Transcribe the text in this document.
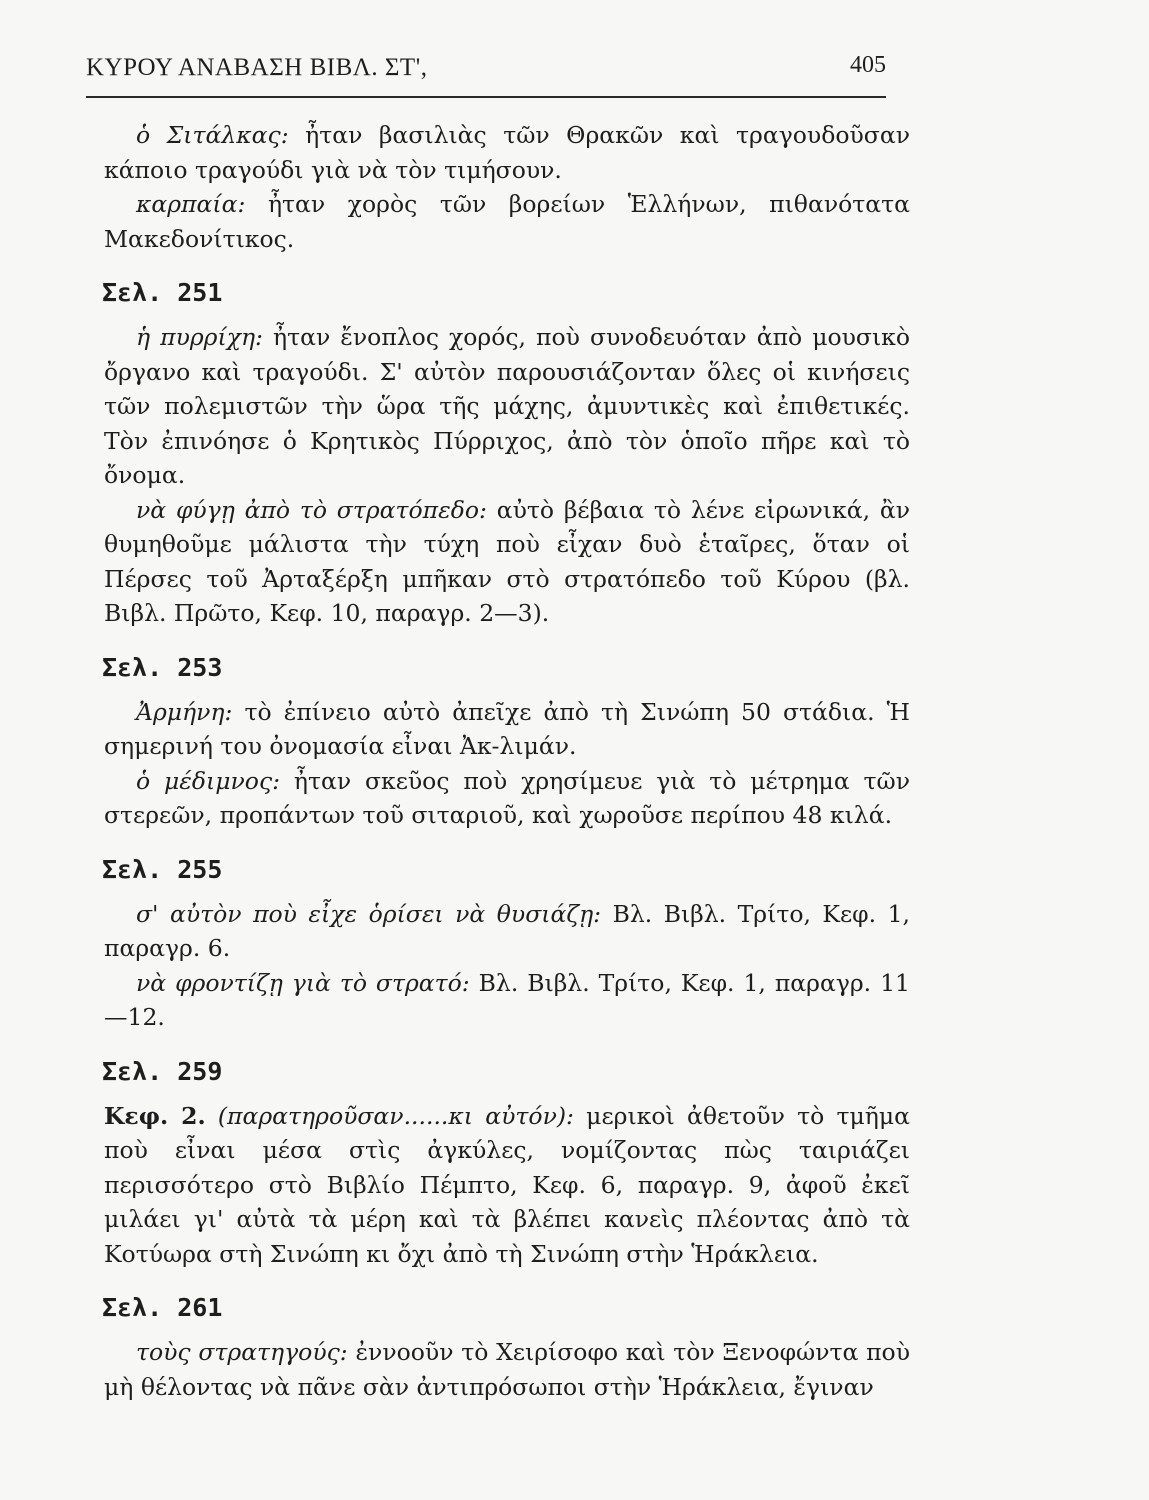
ΚΥΡΟΥ ΑΝΑΒΑΣΗ ΒΙΒΛ. ΣΤ',	405

ὁ Σιτάλκας: ἦταν βασιλιὰς τῶν Θρακῶν καὶ τραγουδοῦσαν κάποιο τραγούδι γιὰ νὰ τὸν τιμήσουν.

καρπαία: ἦταν χορὸς τῶν βορείων Ἑλλήνων, πιθανότατα Μακεδονίτικος.

Σελ. 251

ἡ πυρρίχη: ἦταν ἔνοπλος χορός, ποὺ συνοδευόταν ἀπὸ μουσικὸ ὄργανο καὶ τραγούδι. Σ' αὐτὸν παρουσιάζονταν ὅλες οἱ κινήσεις τῶν πολεμιστῶν τὴν ὥρα τῆς μάχης, ἀμυντικὲς καὶ ἐπιθετικές. Τὸν ἐπινόησε ὁ Κρητικὸς Πύρριχος, ἀπὸ τὸν ὁποῖο πῆρε καὶ τὸ ὄνομα.

νὰ φύγῃ ἀπὸ τὸ στρατόπεδο: αὐτὸ βέβαια τὸ λένε εἰρωνικά, ἂν θυμηθοῦμε μάλιστα τὴν τύχη ποὺ εἶχαν δυὸ ἑταῖρες, ὅταν οἱ Πέρσες τοῦ Ἀρταξέρξη μπῆκαν στὸ στρατόπεδο τοῦ Κύρου (βλ. Βιβλ. Πρῶτο, Κεφ. 10, παραγρ. 2—3).

Σελ. 253

Ἀρμήνη: τὸ ἐπίνειο αὐτὸ ἀπεῖχε ἀπὸ τὴ Σινώπη 50 στάδια. Ἡ σημερινή του ὀνομασία εἶναι Ἀκ-λιμάν.

ὁ μέδιμνος: ἦταν σκεῦος ποὺ χρησίμευε γιὰ τὸ μέτρημα τῶν στερεῶν, προπάντων τοῦ σιταριοῦ, καὶ χωροῦσε περίπου 48 κιλά.

Σελ. 255

σ' αὐτὸν ποὺ εἶχε ὁρίσει νὰ θυσιάζῃ: Βλ. Βιβλ. Τρίτο, Κεφ. 1, παραγρ. 6.

νὰ φροντίζῃ γιὰ τὸ στρατό: Βλ. Βιβλ. Τρίτο, Κεφ. 1, παραγρ. 11—12.

Σελ. 259

Κεφ. 2. (παρατηροῦσαν......κι αὐτόν): μερικοὶ ἀθετοῦν τὸ τμῆμα ποὺ εἶναι μέσα στὶς ἀγκύλες, νομίζοντας πὼς ταιριάζει περισσότερο στὸ Βιβλίο Πέμπτο, Κεφ. 6, παραγρ. 9, ἀφοῦ ἐκεῖ μιλάει γι' αὐτὰ τὰ μέρη καὶ τὰ βλέπει κανεὶς πλέοντας ἀπὸ τὰ Κοτύωρα στὴ Σινώπη κι ὄχι ἀπὸ τὴ Σινώπη στὴν Ἡράκλεια.

Σελ. 261

τοὺς στρατηγούς: ἐννοοῦν τὸ Χειρίσοφο καὶ τὸν Ξενοφώντα ποὺ μὴ θέλοντας νὰ πᾶνε σὰν ἀντιπρόσωποι στὴν Ἡράκλεια, ἔγιναν
